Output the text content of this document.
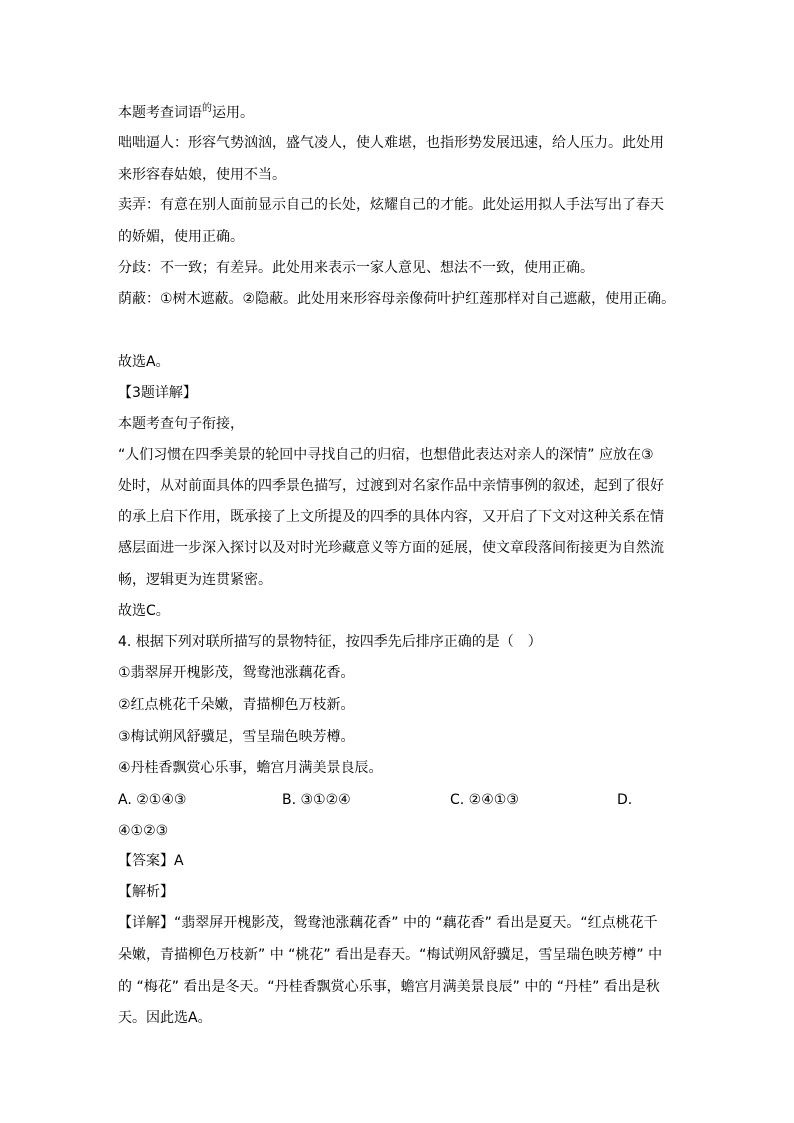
本题考查词语$^的$运用。
咄咄逼人：形容气势汹汹，盛气凌人，使人难堪，也指形势发展迅速，给人压力。此处用
来形容春姑娘，使用不当。
卖弄：有意在别人面前显示自己的长处，炫耀自己的才能。此处运用拟人手法写出了春天
的娇媚，使用正确。
分歧：不一致；有差异。此处用来表示一家人意见、想法不一致，使用正确。
荫蔽：①树木遮蔽。②隐蔽。此处用来形容母亲像荷叶护红莲那样对自己遮蔽，使用正确。
故选A。
【3题详解】
本题考查句子衔接，
“人们习惯在四季美景的轮回中寻找自己的归宿，也想借此表达对亲人的深情” 应放在③
处时，从对前面具体的四季景色描写，过渡到对名家作品中亲情事例的叙述，起到了很好
的承上启下作用，既承接了上文所提及的四季的具体内容，又开启了下文对这种关系在情
感层面进一步深入探讨以及对时光珍藏意义等方面的延展，使文章段落间衔接更为自然流
畅，逻辑更为连贯紧密。
故选C。
4. 根据下列对联所描写的景物特征，按四季先后排序正确的是（　）
①翡翠屏开槐影茂，鸳鸯池涨藕花香。
②红点桃花千朵嫩，青描柳色万枝新。
③梅试朔风舒骥足，雪呈瑞色映芳樽。
④丹桂香飘赏心乐事，蟾宫月满美景良辰。
A. ②①④③	B. ③①②④	C. ②④①③	D.
④①②③
【答案】A
【解析】
【详解】“翡翠屏开槐影茂，鸳鸯池涨藕花香” 中的 “藕花香” 看出是夏天。“红点桃花千
朵嫩，青描柳色万枝新” 中 “桃花” 看出是春天。“梅试朔风舒骥足，雪呈瑞色映芳樽” 中
的 “梅花” 看出是冬天。“丹桂香飘赏心乐事，蟾宫月满美景良辰” 中的 “丹桂” 看出是秋
天。因此选A。
